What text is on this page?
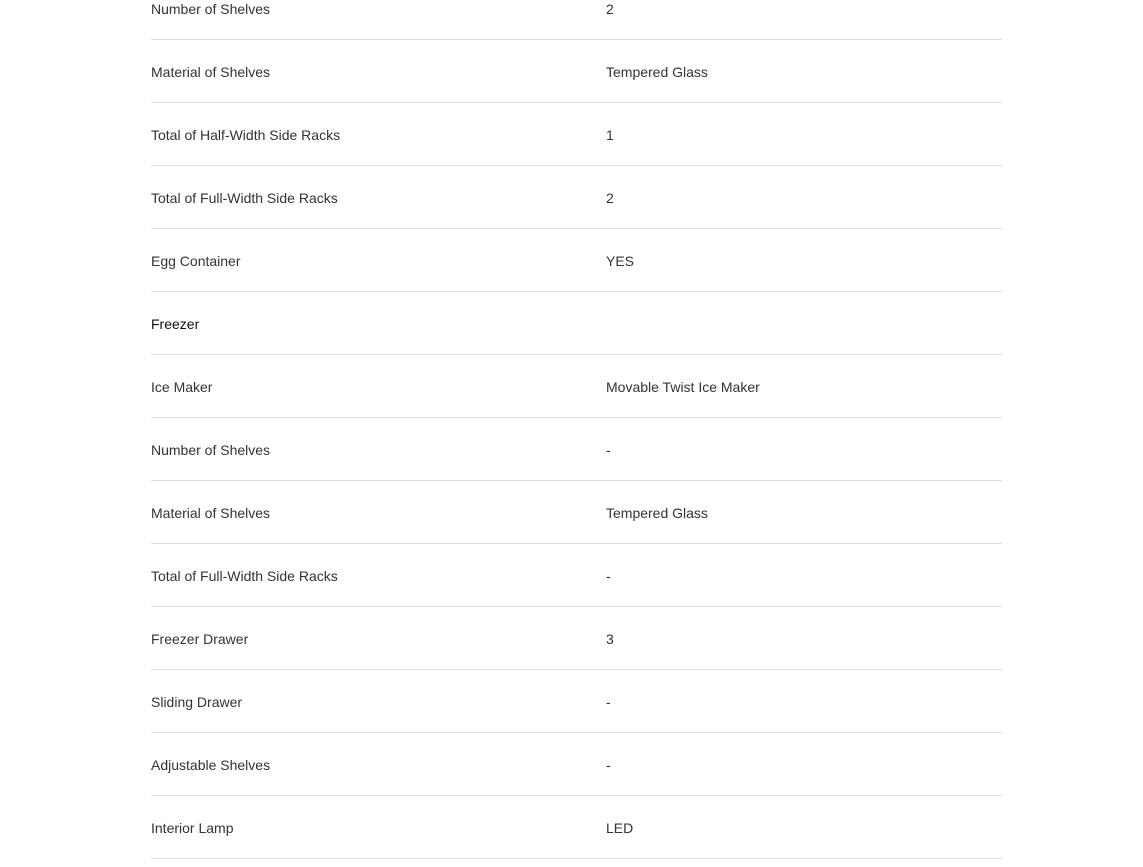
Number of Shelves	2
Material of Shelves	Tempered Glass
Total of Half-Width Side Racks	1
Total of Full-Width Side Racks	2
Egg Container	YES
Freezer
Ice Maker	Movable Twist Ice Maker
Number of Shelves	-
Material of Shelves	Tempered Glass
Total of Full-Width Side Racks	-
Freezer Drawer	3
Sliding Drawer	-
Adjustable Shelves	-
Interior Lamp	LED
